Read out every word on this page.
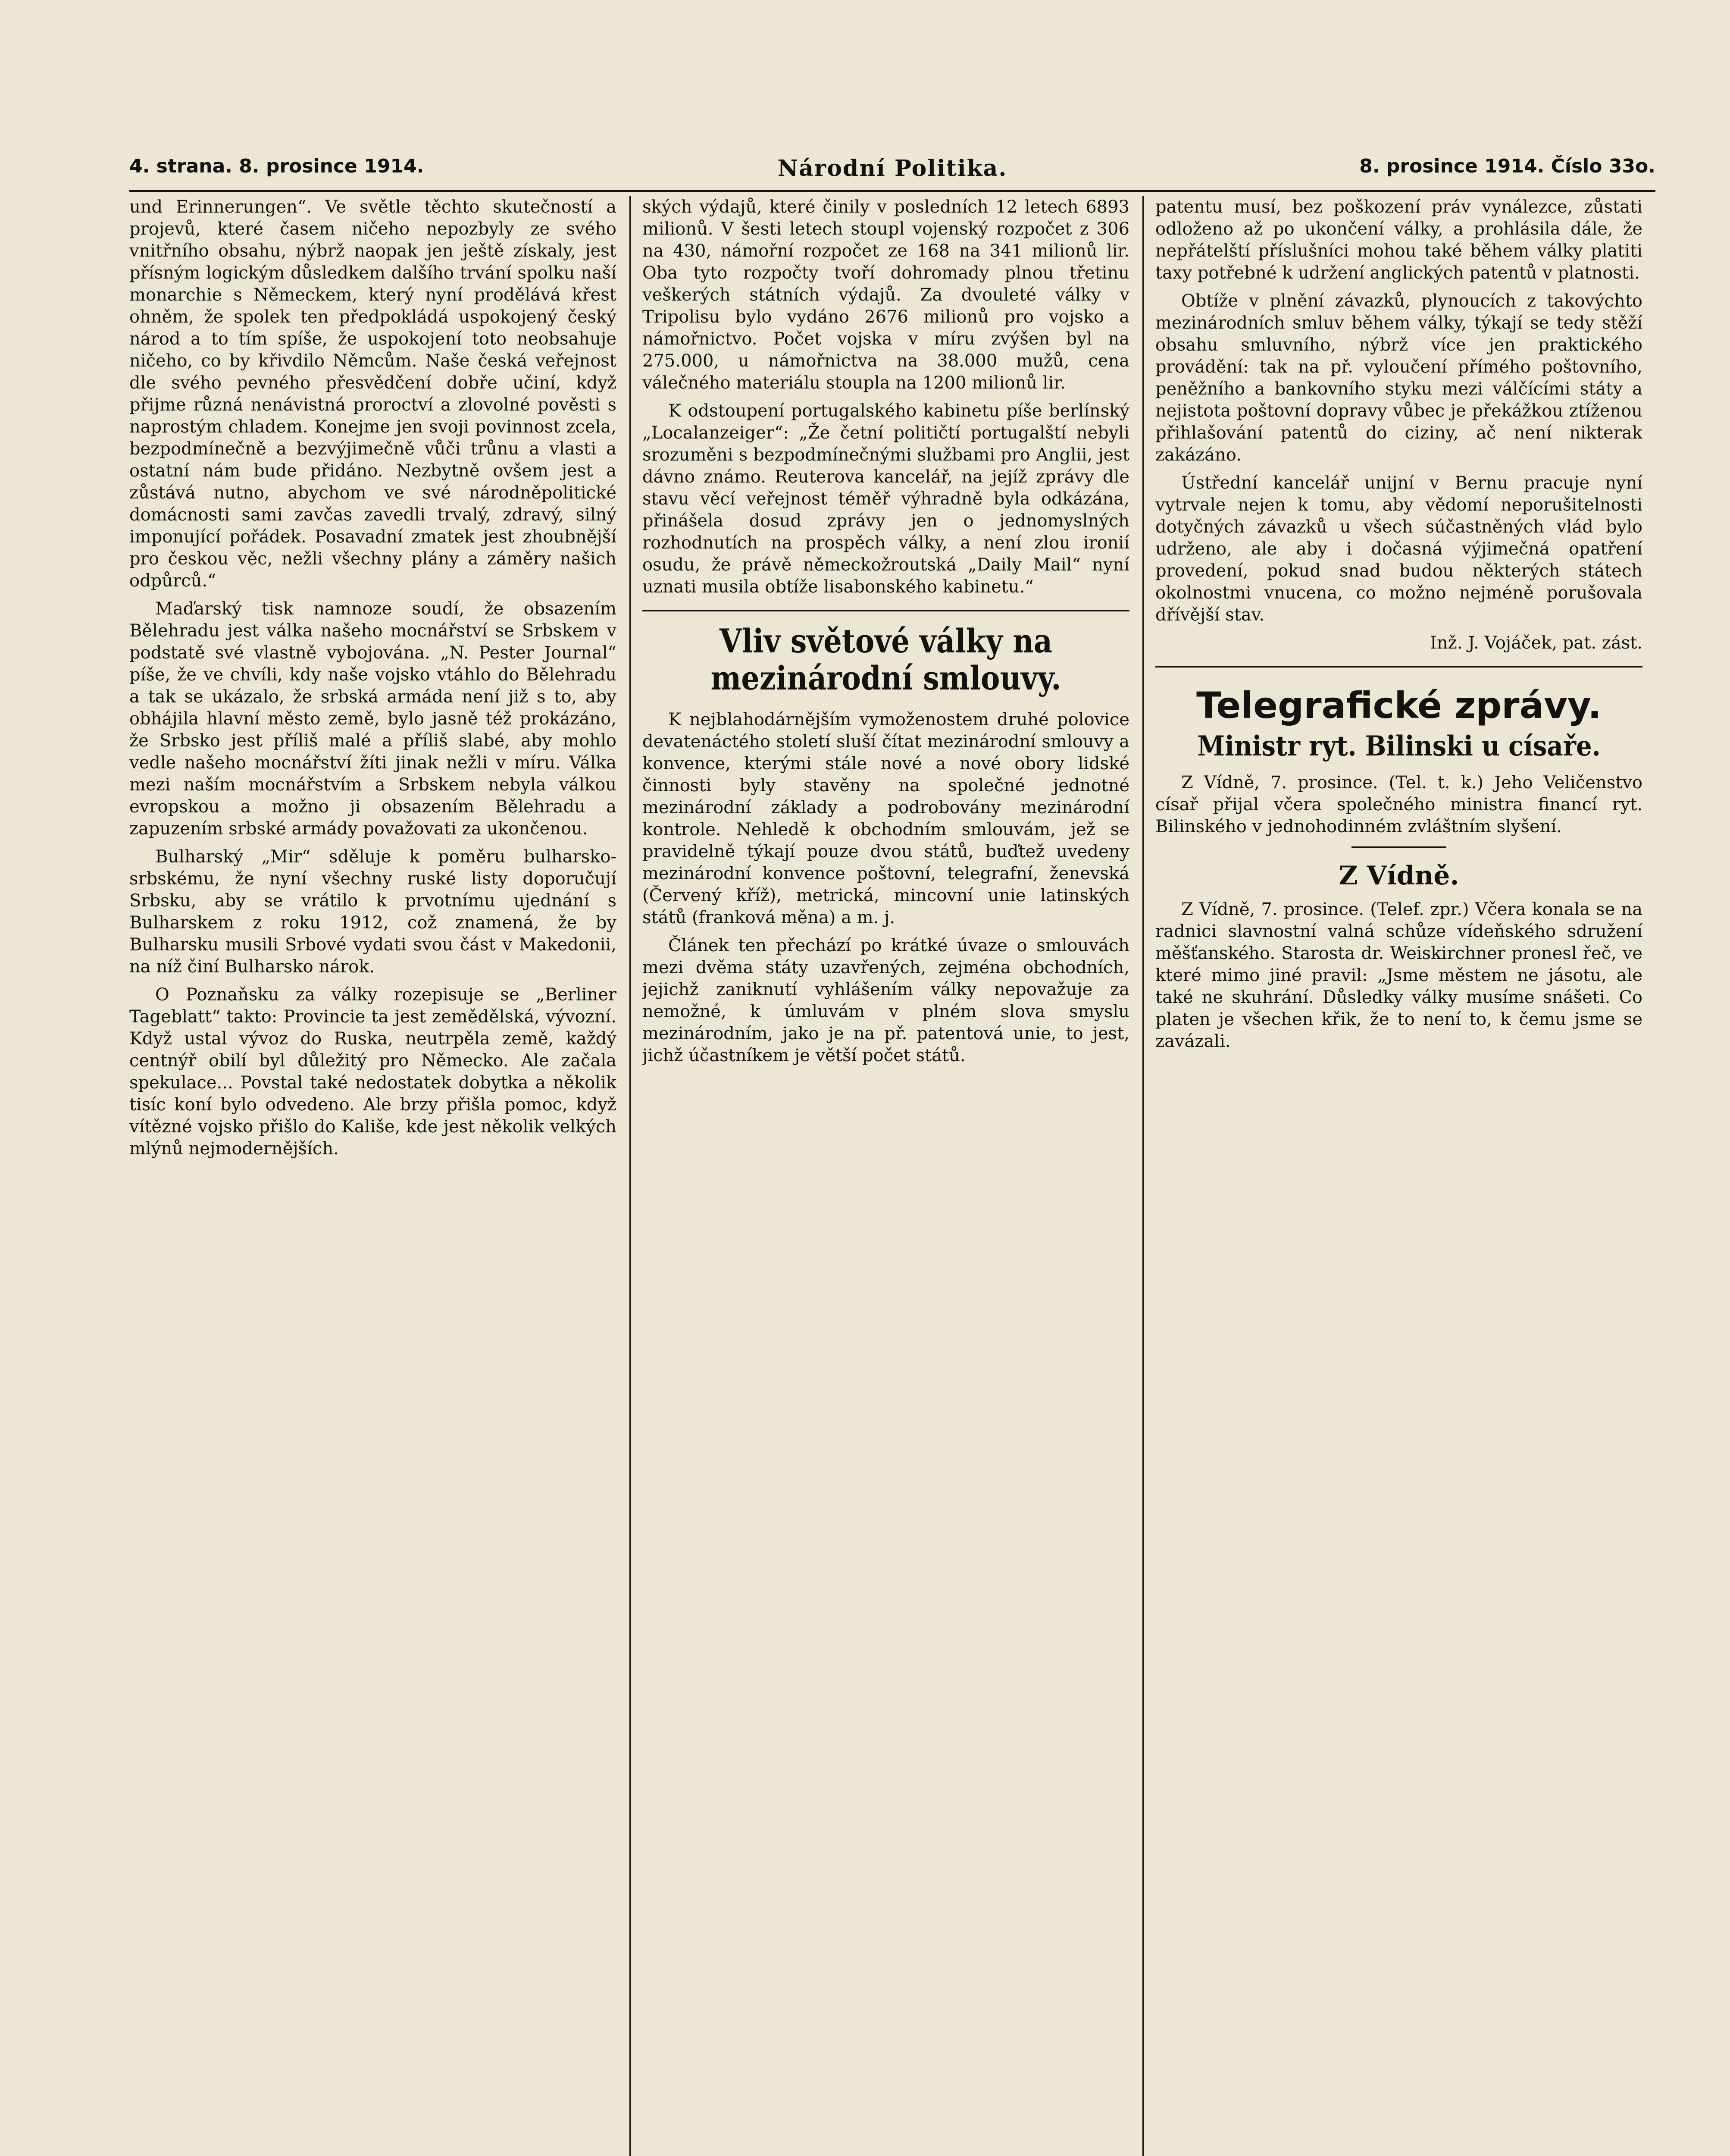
4. strana. 8. prosince 1914.	Národní Politika.	8. prosince 1914. Číslo 33o.

und Erinnerungen“. Ve světle těchto skutečností a projevů, které časem ničeho nepozbyly ze svého vnitřního obsahu, nýbrž naopak jen ještě získaly, jest přísným logickým důsledkem dalšího trvání spolku naší monarchie s Německem, který nyní prodělává křest ohněm, že spolek ten předpokládá uspokojený český národ a to tím spíše, že uspokojení toto neobsahuje ničeho, co by křivdilo Němcům. Naše česká veřejnost dle svého pevného přesvědčení dobře učiní, když přijme různá nenávistná proroctví a zlovolné pověsti s naprostým chladem. Konejme jen svoji povinnost zcela, bezpodmínečně a bezvýjimečně vůči trůnu a vlasti a ostatní nám bude přidáno. Nezbytně ovšem jest a zůstává nutno, abychom ve své národněpolitické domácnosti sami zavčas zavedli trvalý, zdravý, silný imponující pořádek. Posavadní zmatek jest zhoubnější pro českou věc, nežli všechny plány a záměry našich odpůrců.“

Maďarský tisk namnoze soudí, že obsazením Bělehradu jest válka našeho mocnářství se Srbskem v podstatě své vlastně vybojována. „N. Pester Journal“ píše, že ve chvíli, kdy naše vojsko vtáhlo do Bělehradu a tak se ukázalo, že srbská armáda není již s to, aby obhájila hlavní město země, bylo jasně též prokázáno, že Srbsko jest příliš malé a příliš slabé, aby mohlo vedle našeho mocnářství žíti jinak nežli v míru. Válka mezi naším mocnářstvím a Srbskem nebyla válkou evropskou a možno ji obsazením Bělehradu a zapuzením srbské armády považovati za ukončenou.

Bulharský „Mir“ sděluje k poměru bulharsko-srbskému, že nyní všechny ruské listy doporučují Srbsku, aby se vrátilo k prvotnímu ujednání s Bulharskem z roku 1912, což znamená, že by Bulharsku musili Srbové vydati svou část v Makedonii, na níž činí Bulharsko nárok.

O Poznaňsku za války rozepisuje se „Berliner Tageblatt“ takto: Provincie ta jest zemědělská, vývozní. Když ustal vývoz do Ruska, neutrpěla země, každý centnýř obilí byl důležitý pro Německo. Ale začala spekulace... Povstal také nedostatek dobytka a několik tisíc koní bylo odvedeno. Ale brzy přišla pomoc, když vítězné vojsko přišlo do Kališe, kde jest několik velkých mlýnů nejmodernějších.

ských výdajů, které činily v posledních 12 letech 6893 milionů. V šesti letech stoupl vojenský rozpočet z 306 na 430, námořní rozpočet ze 168 na 341 milionů lir. Oba tyto rozpočty tvoří dohromady plnou třetinu veškerých státních výdajů. Za dvouleté války v Tripolisu bylo vydáno 2676 milionů pro vojsko a námořnictvo. Počet vojska v míru zvýšen byl na 275.000, u námořnictva na 38.000 mužů, cena válečného materiálu stoupla na 1200 milionů lir.

K odstoupení portugalského kabinetu píše berlínský „Localanzeiger“: „Že četní političtí portugalští nebyli srozuměni s bezpodmínečnými službami pro Anglii, jest dávno známo. Reuterova kancelář, na jejíž zprávy dle stavu věcí veřejnost téměř výhradně byla odkázána, přinášela dosud zprávy jen o jednomyslných rozhodnutích na prospěch války, a není zlou ironií osudu, že právě německožroutská „Daily Mail“ nyní uznati musila obtíže lisabonského kabinetu.“

Vliv světové války na mezinárodní smlouvy.

K nejblahodárnějším vymoženostem druhé polovice devatenáctého století sluší čítat mezinárodní smlouvy a konvence, kterými stále nové a nové obory lidské činnosti byly stavěny na společné jednotné mezinárodní základy a podrobovány mezinárodní kontrole. Nehledě k obchodním smlouvám, jež se pravidelně týkají pouze dvou států, buďtež uvedeny mezinárodní konvence poštovní, telegrafní, ženevská (Červený kříž), metrická, mincovní unie latinských států (franková měna) a m. j.

Článek ten přechází po krátké úvaze o smlouvách mezi dvěma státy uzavřených, zejména obchodních, jejichž zaniknutí vyhlášením války nepovažuje za nemožné, k úmluvám v plném slova smyslu mezinárodním, jako je na př. patentová unie, to jest, jichž účastníkem je větší počet států.

patentu musí, bez poškození práv vynálezce, zůstati odloženo až po ukončení války, a prohlásila dále, že nepřátelští příslušníci mohou také během války platiti taxy potřebné k udržení anglických patentů v platnosti.

Obtíže v plnění závazků, plynoucích z takovýchto mezinárodních smluv během války, týkají se tedy stěží obsahu smluvního, nýbrž více jen praktického provádění: tak na př. vyloučení přímého poštovního, peněžního a bankovního styku mezi válčícími státy a nejistota poštovní dopravy vůbec je překážkou ztíženou přihlašování patentů do ciziny, ač není nikterak zakázáno.

Ústřední kancelář unijní v Bernu pracuje nyní vytrvale nejen k tomu, aby vědomí neporušitelnosti dotyčných závazků u všech súčastněných vlád bylo udrženo, ale aby i dočasná výjimečná opatření provedení, pokud snad budou některých státech okolnostmi vnucena, co možno nejméně porušovala dřívější stav.

Inž. J. Vojáček, pat. zást.
Telegrafické zprávy.
Ministr ryt. Bilinski u císaře.

Z Vídně, 7. prosince. (Tel. t. k.) Jeho Veličenstvo císař přijal včera společného ministra financí ryt. Bilinského v jednohodinném zvláštním slyšení.

Z Vídně.

Z Vídně, 7. prosince. (Telef. zpr.) Včera konala se na radnici slavnostní valná schůze vídeňského sdružení měšťanského. Starosta dr. Weiskirchner pronesl řeč, ve které mimo jiné pravil: „Jsme městem ne jásotu, ale také ne skuhrání. Důsledky války musíme snášeti. Co platen je všechen křik, že to není to, k čemu jsme se zavázali.
